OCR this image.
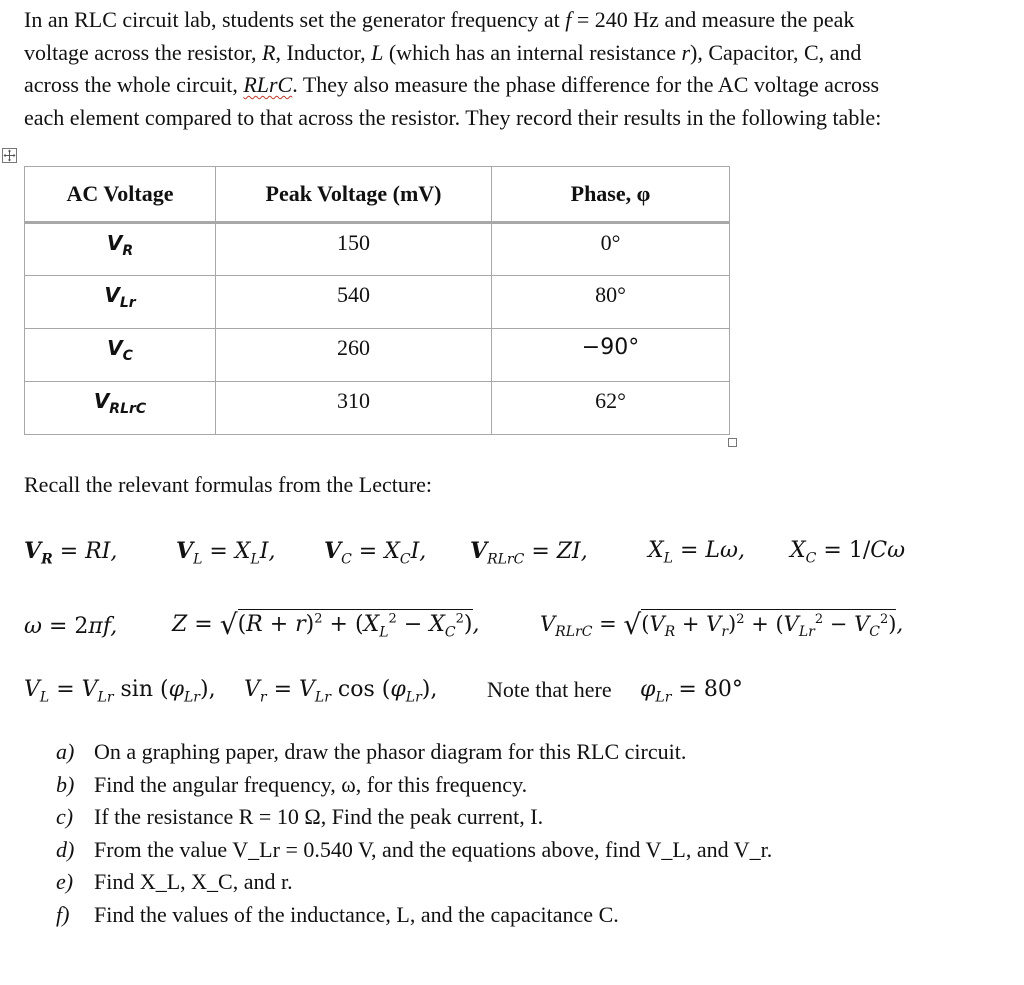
In an RLC circuit lab, students set the generator frequency at f = 240 Hz and measure the peak
voltage across the resistor, R, Inductor, L (which has an internal resistance r), Capacitor, C, and
across the whole circuit, RLrC. They also measure the phase difference for the AC voltage across
each element compared to that across the resistor. They record their results in the following table:
AC Voltage	Peak Voltage (mV)	Phase, φ
$V_R$	150	0°
$V_{Lr}$	540	80°
$V_C$	260	−90°
$V_{RLrC}$	310	62°
Recall the relevant formulas from the Lecture:
$V_R$ = RI,	$V_L = X_LI$, $V_C = X_CI$, $V_{RLrC}$ = ZI,	$X_L = L\omega$, $X_C = 1/C\omega$
ω = 2πf, $Z = √(R + r)^2 + (X_L^2 - X_C^2)$,	$V_{RLrC} = √(V_R + V_r)^2 + (V_{Lr}^2 - V_C^2)$,
$V_L = V_{Lr}$ $\sin (\varphi_{Lr})$, $V_r = V_{Lr}$ $\cos (\varphi_{Lr})$, Note that here $\varphi_{Lr} = 80^\circ$
a) On a graphing paper, draw the phasor diagram for this RLC circuit.
b) Find the angular frequency, ω, for this frequency.
c) If the resistance R = 10 Ω, Find the peak current, I.
d) From the value V_Lr = 0.540 V, and the equations above, find V_L, and V_r.
e) Find X_L, X_C, and r.
f) Find the values of the inductance, L, and the capacitance C.
